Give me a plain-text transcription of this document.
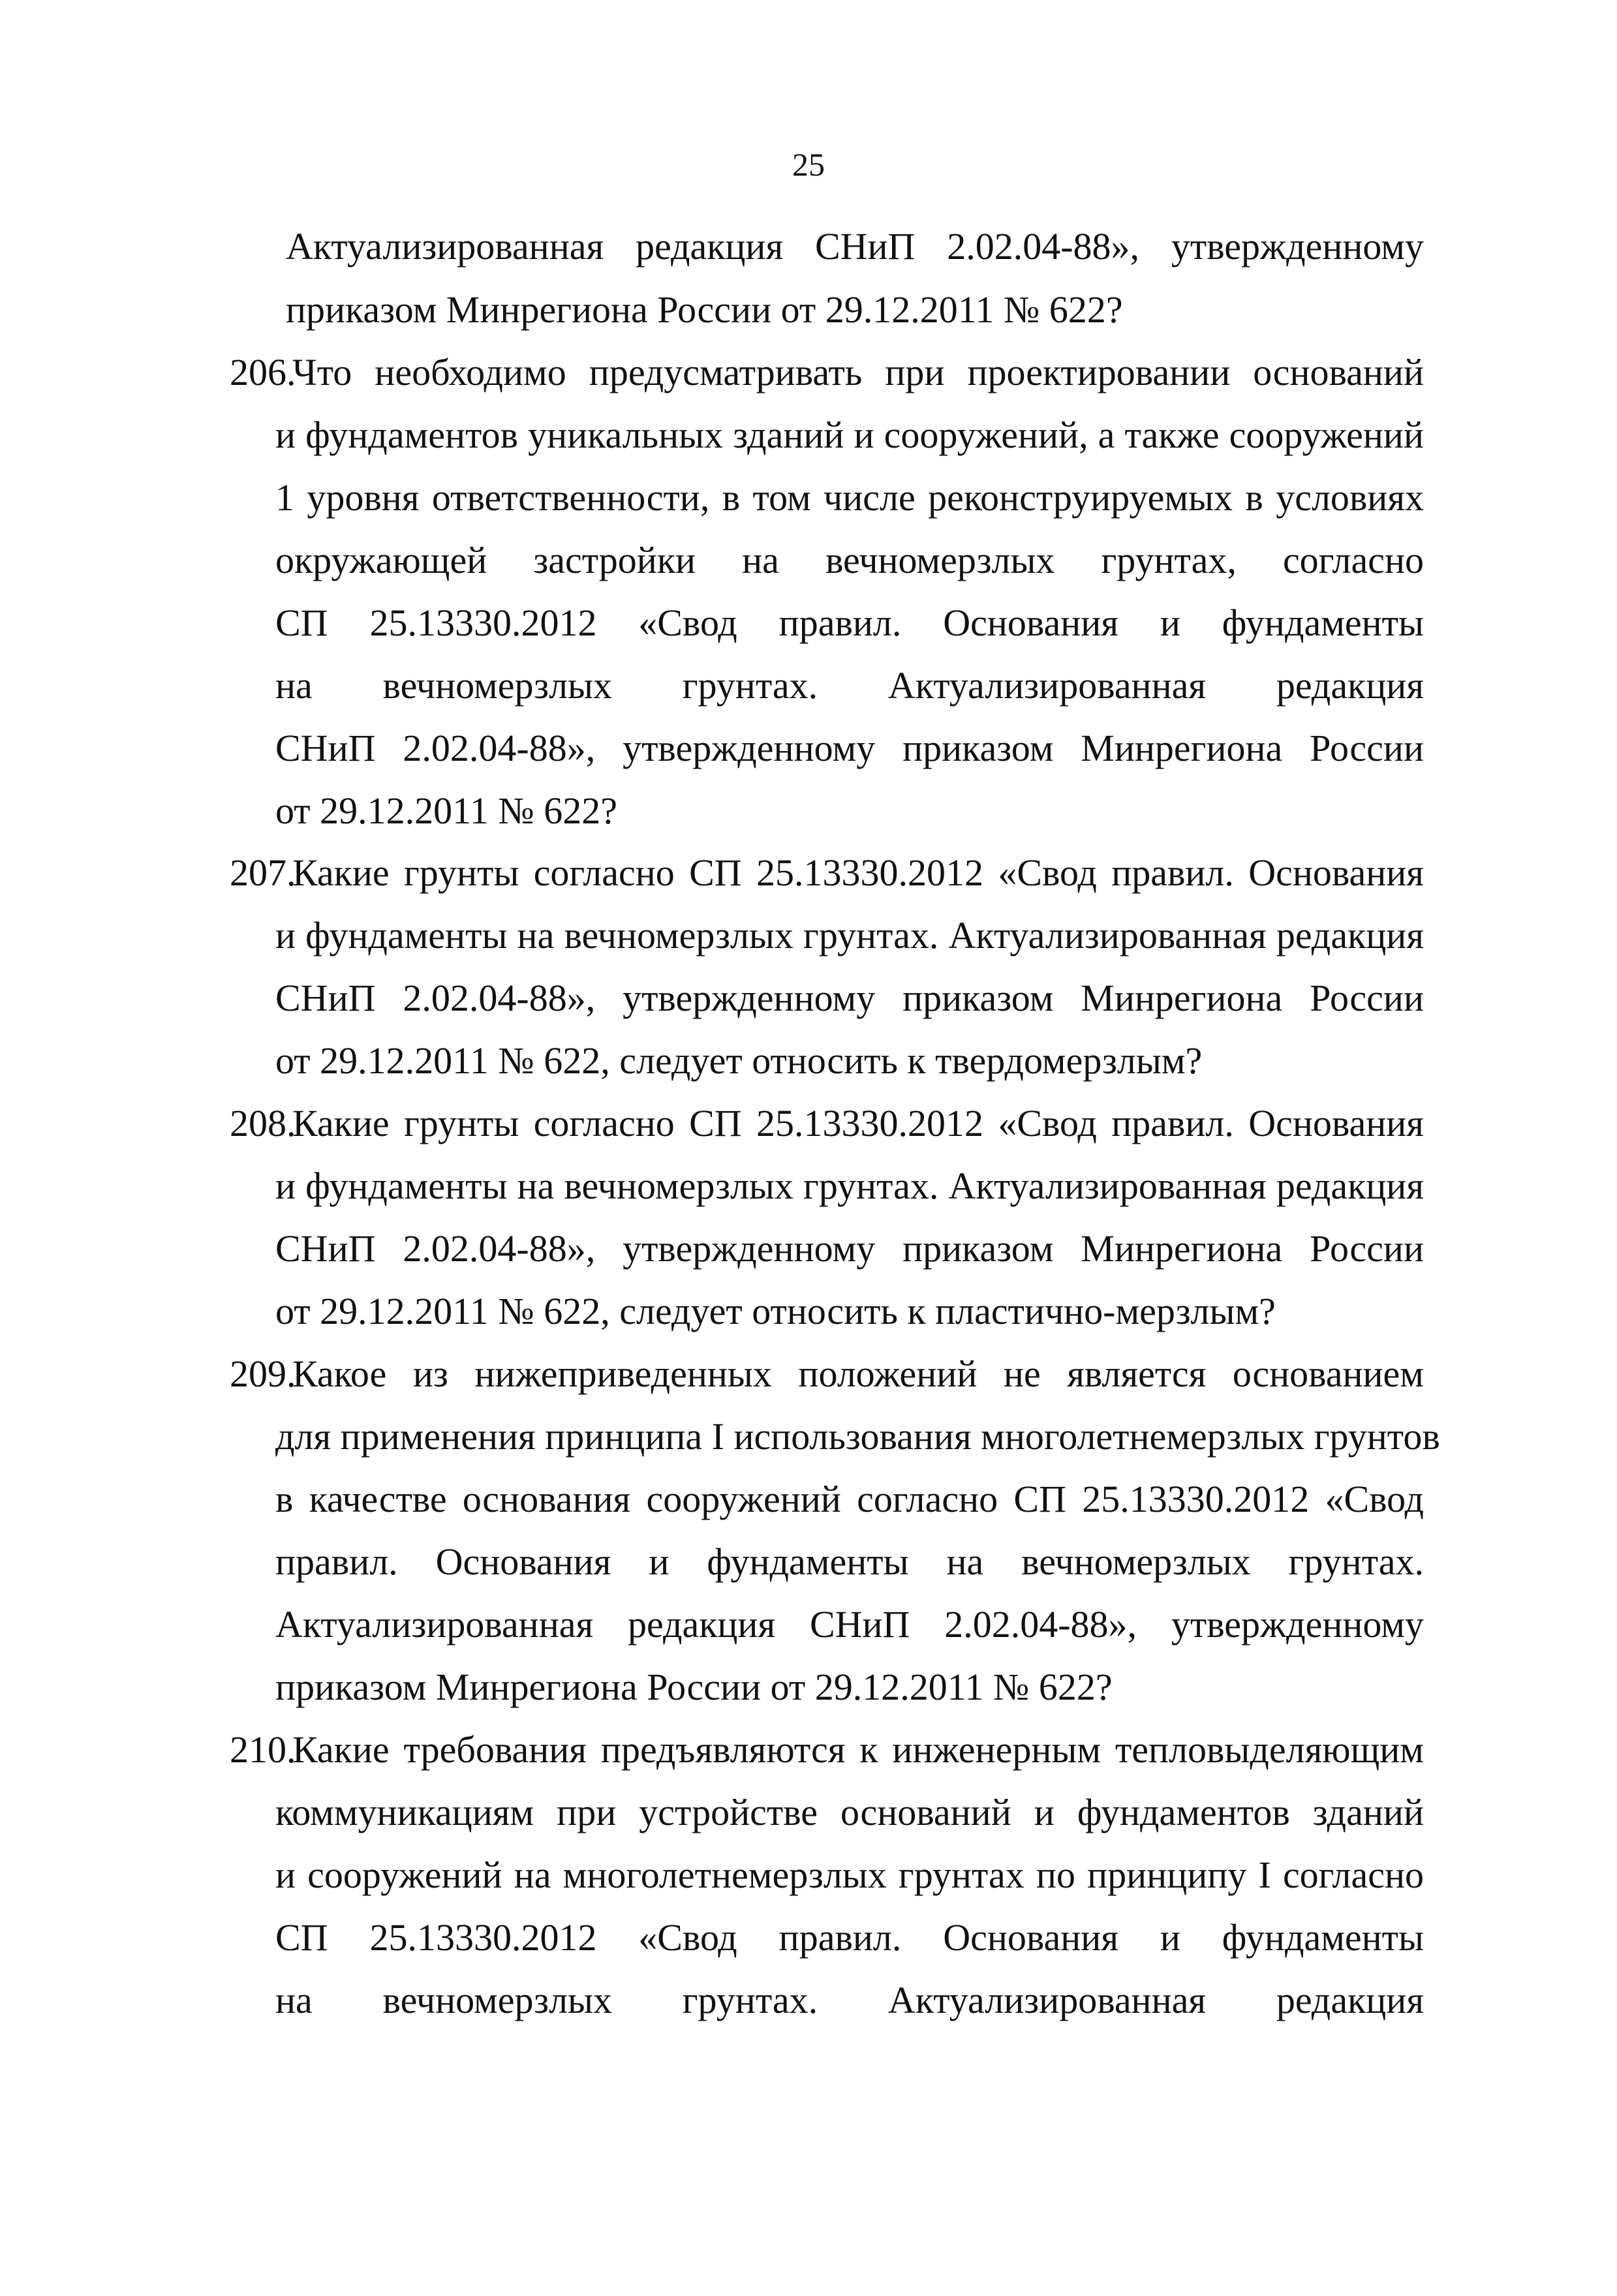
25
Актуализированная редакция СНиП 2.02.04-88», утвержденному
приказом Минрегиона России от 29.12.2011 № 622?
206.
Что необходимо предусматривать при проектировании оснований
и фундаментов уникальных зданий и сооружений, а также сооружений
1 уровня ответственности, в том числе реконструируемых в условиях
окружающей застройки на вечномерзлых грунтах, согласно
СП 25.13330.2012 «Свод правил. Основания и фундаменты
на вечномерзлых грунтах. Актуализированная редакция
СНиП 2.02.04-88», утвержденному приказом Минрегиона России
от 29.12.2011 № 622?
207.
Какие грунты согласно СП 25.13330.2012 «Свод правил. Основания
и фундаменты на вечномерзлых грунтах. Актуализированная редакция
СНиП 2.02.04-88», утвержденному приказом Минрегиона России
от 29.12.2011 № 622, следует относить к твердомерзлым?
208.
Какие грунты согласно СП 25.13330.2012 «Свод правил. Основания
и фундаменты на вечномерзлых грунтах. Актуализированная редакция
СНиП 2.02.04-88», утвержденному приказом Минрегиона России
от 29.12.2011 № 622, следует относить к пластично-мерзлым?
209.
Какое из нижеприведенных положений не является основанием
для применения принципа I использования многолетнемерзлых грунтов
в качестве основания сооружений согласно СП 25.13330.2012 «Свод
правил. Основания и фундаменты на вечномерзлых грунтах.
Актуализированная редакция СНиП 2.02.04-88», утвержденному
приказом Минрегиона России от 29.12.2011 № 622?
210.
Какие требования предъявляются к инженерным тепловыделяющим
коммуникациям при устройстве оснований и фундаментов зданий
и сооружений на многолетнемерзлых грунтах по принципу I согласно
СП 25.13330.2012 «Свод правил. Основания и фундаменты
на вечномерзлых грунтах. Актуализированная редакция
